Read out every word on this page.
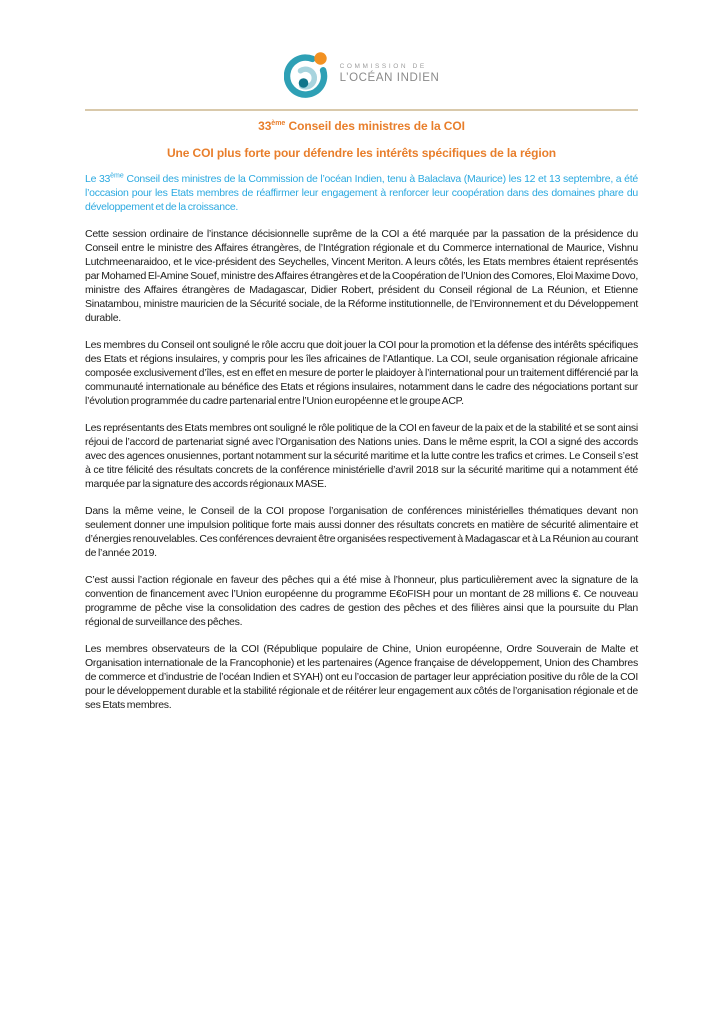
COMMISSION DE
L’OCÉAN INDIEN
33ème Conseil des ministres de la COI
Une COI plus forte pour défendre les intérêts spécifiques de la région

Le 33ème Conseil des ministres de la Commission de l’océan Indien, tenu à Balaclava (Maurice) les 12 et 13 septembre, a été l’occasion pour les Etats membres de réaffirmer leur engagement à renforcer leur coopération dans des domaines phare du développement et de la croissance.

Cette session ordinaire de l’instance décisionnelle suprême de la COI a été marquée par la passation de la présidence du Conseil entre le ministre des Affaires étrangères, de l’Intégration régionale et du Commerce international de Maurice, Vishnu Lutchmeenaraidoo, et le vice-président des Seychelles, Vincent Meriton. A leurs côtés, les Etats membres étaient représentés par Mohamed El-Amine Souef, ministre des Affaires étrangères et de la Coopération de l’Union des Comores, Eloi Maxime Dovo, ministre des Affaires étrangères de Madagascar, Didier Robert, président du Conseil régional de La Réunion, et Etienne Sinatambou, ministre mauricien de la Sécurité sociale, de la Réforme institutionnelle, de l’Environnement et du Développement durable.

Les membres du Conseil ont souligné le rôle accru que doit jouer la COI pour la promotion et la défense des intérêts spécifiques des Etats et régions insulaires, y compris pour les îles africaines de l’Atlantique. La COI, seule organisation régionale africaine composée exclusivement d’îles, est en effet en mesure de porter le plaidoyer à l’international pour un traitement différencié par la communauté internationale au bénéfice des Etats et régions insulaires, notamment dans le cadre des négociations portant sur l’évolution programmée du cadre partenarial entre l’Union européenne et le groupe ACP.

Les représentants des Etats membres ont souligné le rôle politique de la COI en faveur de la paix et de la stabilité et se sont ainsi réjoui de l’accord de partenariat signé avec l’Organisation des Nations unies. Dans le même esprit, la COI a signé des accords avec des agences onusiennes, portant notamment sur la sécurité maritime et la lutte contre les trafics et crimes. Le Conseil s’est à ce titre félicité des résultats concrets de la conférence ministérielle d’avril 2018 sur la sécurité maritime qui a notamment été marquée par la signature des accords régionaux MASE.

Dans la même veine, le Conseil de la COI propose l’organisation de conférences ministérielles thématiques devant non seulement donner une impulsion politique forte mais aussi donner des résultats concrets en matière de sécurité alimentaire et d’énergies renouvelables. Ces conférences devraient être organisées respectivement à Madagascar et à La Réunion au courant de l’année 2019.

C’est aussi l’action régionale en faveur des pêches qui a été mise à l’honneur, plus particulièrement avec la signature de la convention de financement avec l’Union européenne du programme E€oFISH pour un montant de 28 millions €. Ce nouveau programme de pêche vise la consolidation des cadres de gestion des pêches et des filières ainsi que la poursuite du Plan régional de surveillance des pêches.

Les membres observateurs de la COI (République populaire de Chine, Union européenne, Ordre Souverain de Malte et Organisation internationale de la Francophonie) et les partenaires (Agence française de développement, Union des Chambres de commerce et d’industrie de l’océan Indien et SYAH) ont eu l’occasion de partager leur appréciation positive du rôle de la COI pour le développement durable et la stabilité régionale et de réitérer leur engagement aux côtés de l’organisation régionale et de ses Etats membres.
